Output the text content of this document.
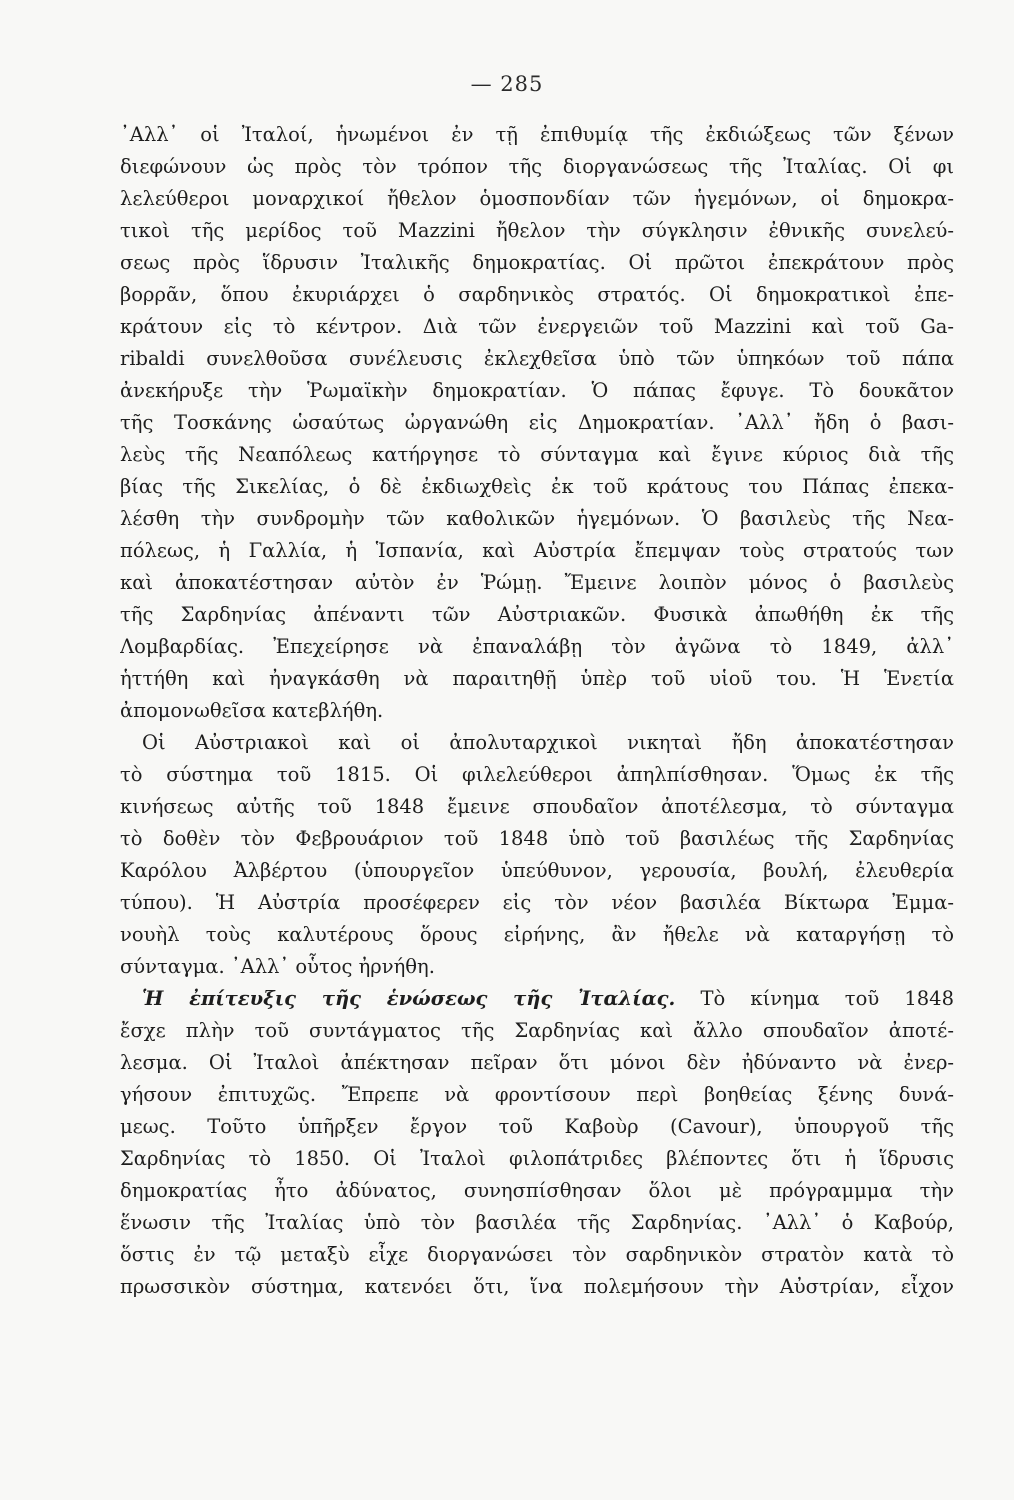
— 285
᾿Αλλ᾿ οἱ Ἰταλοί, ἡνωμένοι ἐν τῇ ἐπιθυμίᾳ τῆς ἐκδιώξεως τῶν ξένων
διεφώνουν ὡς πρὸς τὸν τρόπον τῆς διοργανώσεως τῆς Ἰταλίας. Οἱ φι
λελεύθεροι μοναρχικοί ἤθελον ὁμοσπονδίαν τῶν ἡγεμόνων, οἱ δημοκρα-
τικοὶ τῆς μερίδος τοῦ Mazzini ἤθελον τὴν σύγκλησιν ἐθνικῆς συνελεύ-
σεως πρὸς ἵδρυσιν Ἰταλικῆς δημοκρατίας. Οἱ πρῶτοι ἐπεκράτουν πρὸς
βορρᾶν, ὅπου ἐκυριάρχει ὁ σαρδηνικὸς στρατός. Οἱ δημοκρατικοὶ ἐπε-
κράτουν εἰς τὸ κέντρον. Διὰ τῶν ἐνεργειῶν τοῦ Mazzini καὶ τοῦ Ga-
ribaldi συνελθοῦσα συνέλευσις ἐκλεχθεῖσα ὑπὸ τῶν ὑπηκόων τοῦ πάπα
ἀνεκήρυξε τὴν Ῥωμαϊκὴν δημοκρατίαν. Ὁ πάπας ἔφυγε. Τὸ δουκᾶτον
τῆς Τοσκάνης ὡσαύτως ὠργανώθη εἰς Δημοκρατίαν. ᾿Αλλ᾿ ἤδη ὁ βασι-
λεὺς τῆς Νεαπόλεως κατήργησε τὸ σύνταγμα καὶ ἔγινε κύριος διὰ τῆς
βίας τῆς Σικελίας, ὁ δὲ ἐκδιωχθεὶς ἐκ τοῦ κράτους του Πάπας ἐπεκα-
λέσθη τὴν συνδρομὴν τῶν καθολικῶν ἡγεμόνων. Ὁ βασιλεὺς τῆς Νεα-
πόλεως, ἡ Γαλλία, ἡ Ἱσπανία, καὶ Αὐστρία ἔπεμψαν τοὺς στρατούς των
καὶ ἀποκατέστησαν αὐτὸν ἐν Ῥώμῃ. Ἔμεινε λοιπὸν μόνος ὁ βασιλεὺς
τῆς Σαρδηνίας ἀπέναντι τῶν Αὐστριακῶν. Φυσικὰ ἀπωθήθη ἐκ τῆς
Λομβαρδίας. Ἐπεχείρησε νὰ ἐπαναλάβῃ τὸν ἀγῶνα τὸ 1849, ἀλλ᾿
ἡττήθη καὶ ἠναγκάσθη νὰ παραιτηθῇ ὑπὲρ τοῦ υἱοῦ του. Ἡ Ἑνετία
ἀπομονωθεῖσα κατεβλήθη.
Οἱ Αὐστριακοὶ καὶ οἱ ἀπολυταρχικοὶ νικηταὶ ἤδη ἀποκατέστησαν
τὸ σύστημα τοῦ 1815. Οἱ φιλελεύθεροι ἀπηλπίσθησαν. Ὅμως ἐκ τῆς
κινήσεως αὐτῆς τοῦ 1848 ἔμεινε σπουδαῖον ἀποτέλεσμα, τὸ σύνταγμα
τὸ δοθὲν τὸν Φεβρουάριον τοῦ 1848 ὑπὸ τοῦ βασιλέως τῆς Σαρδηνίας
Καρόλου Ἀλβέρτου (ὑπουργεῖον ὑπεύθυνον, γερουσία, βουλή, ἐλευθερία
τύπου). Ἡ Αὐστρία προσέφερεν εἰς τὸν νέον βασιλέα Βίκτωρα Ἐμμα-
νουὴλ τοὺς καλυτέρους ὅρους εἰρήνης, ἂν ἤθελε νὰ καταργήσῃ τὸ
σύνταγμα. ᾿Αλλ᾿ οὗτος ἠρνήθη.
Ἡ ἐπίτευξις τῆς ἑνώσεως τῆς Ἰταλίας. Τὸ κίνημα τοῦ 1848
ἔσχε πλὴν τοῦ συντάγματος τῆς Σαρδηνίας καὶ ἄλλο σπουδαῖον ἀποτέ-
λεσμα. Οἱ Ἰταλοὶ ἀπέκτησαν πεῖραν ὅτι μόνοι δὲν ἠδύναντο νὰ ἐνερ-
γήσουν ἐπιτυχῶς. Ἔπρεπε νὰ φροντίσουν περὶ βοηθείας ξένης δυνά-
μεως. Τοῦτο ὑπῆρξεν ἔργον τοῦ Καβοὺρ (Cavour), ὑπουργοῦ τῆς
Σαρδηνίας τὸ 1850. Οἱ Ἰταλοὶ φιλοπάτριδες βλέποντες ὅτι ἡ ἵδρυσις
δημοκρατίας ἦτο ἀδύνατος, συνησπίσθησαν ὅλοι μὲ πρόγραμμμα τὴν
ἕνωσιν τῆς Ἰταλίας ὑπὸ τὸν βασιλέα τῆς Σαρδηνίας. ᾿Αλλ᾿ ὁ Καβούρ,
ὅστις ἐν τῷ μεταξὺ εἶχε διοργανώσει τὸν σαρδηνικὸν στρατὸν κατὰ τὸ
πρωσσικὸν σύστημα, κατενόει ὅτι, ἵνα πολεμήσουν τὴν Αὐστρίαν, εἶχον
